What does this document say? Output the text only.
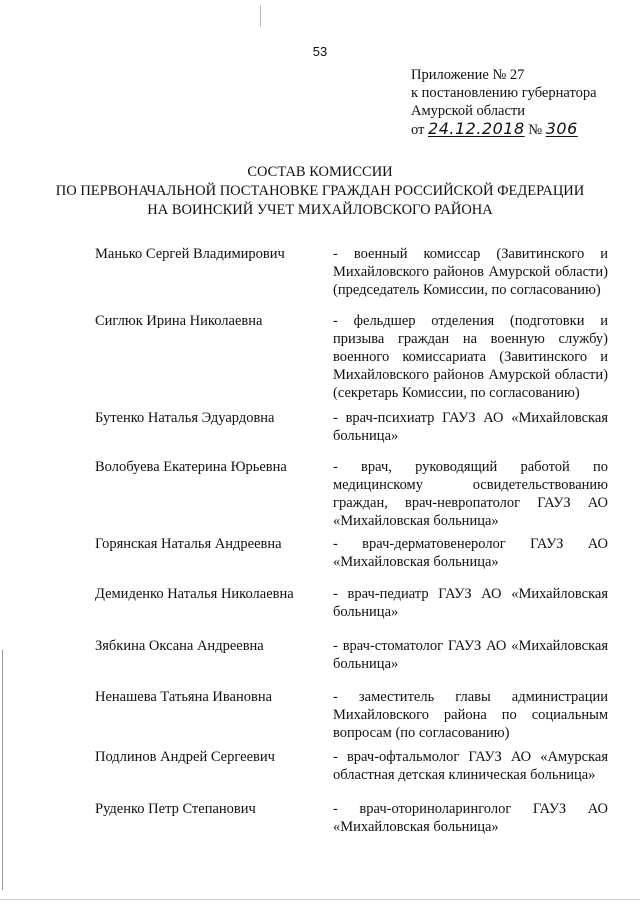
53
Приложение № 27
к постановлению губернатора
Амурской области
от 24.12.2018 № 306
СОСТАВ КОМИССИИ
ПО ПЕРВОНАЧАЛЬНОЙ ПОСТАНОВКЕ ГРАЖДАН РОССИЙСКОЙ ФЕДЕРАЦИИ
НА ВОИНСКИЙ УЧЕТ МИХАЙЛОВСКОГО РАЙОНА
Манько Сергей Владимирович	- военный комиссар (Завитинского и Михайловского районов Амурской области) (председатель Комиссии, по согласованию)
Сиглюк Ирина Николаевна	- фельдшер отделения (подготовки и призыва граждан на военную службу) военного комиссариата (Завитинского и Михайловского районов Амурской области) (секретарь Комиссии, по согласованию)
Бутенко Наталья Эдуардовна	- врач-психиатр ГАУЗ АО «Михайловская больница»
Волобуева Екатерина Юрьевна	- врач, руководящий работой по медицинскому освидетельствованию граждан, врач-невропатолог ГАУЗ АО «Михайловская больница»
Горянская Наталья Андреевна	- врач-дерматовенеролог ГАУЗ АО «Михайловская больница»
Демиденко Наталья Николаевна	- врач-педиатр ГАУЗ АО «Михайловская больница»
Зябкина Оксана Андреевна	- врач-стоматолог ГАУЗ АО «Михайловская больница»
Ненашева Татьяна Ивановна	- заместитель главы администрации Михайловского района по социальным вопросам (по согласованию)
Подлинов Андрей Сергеевич	- врач-офтальмолог ГАУЗ АО «Амурская областная детская клиническая больница»
Руденко Петр Степанович	- врач-оториноларинголог ГАУЗ АО «Михайловская больница»
